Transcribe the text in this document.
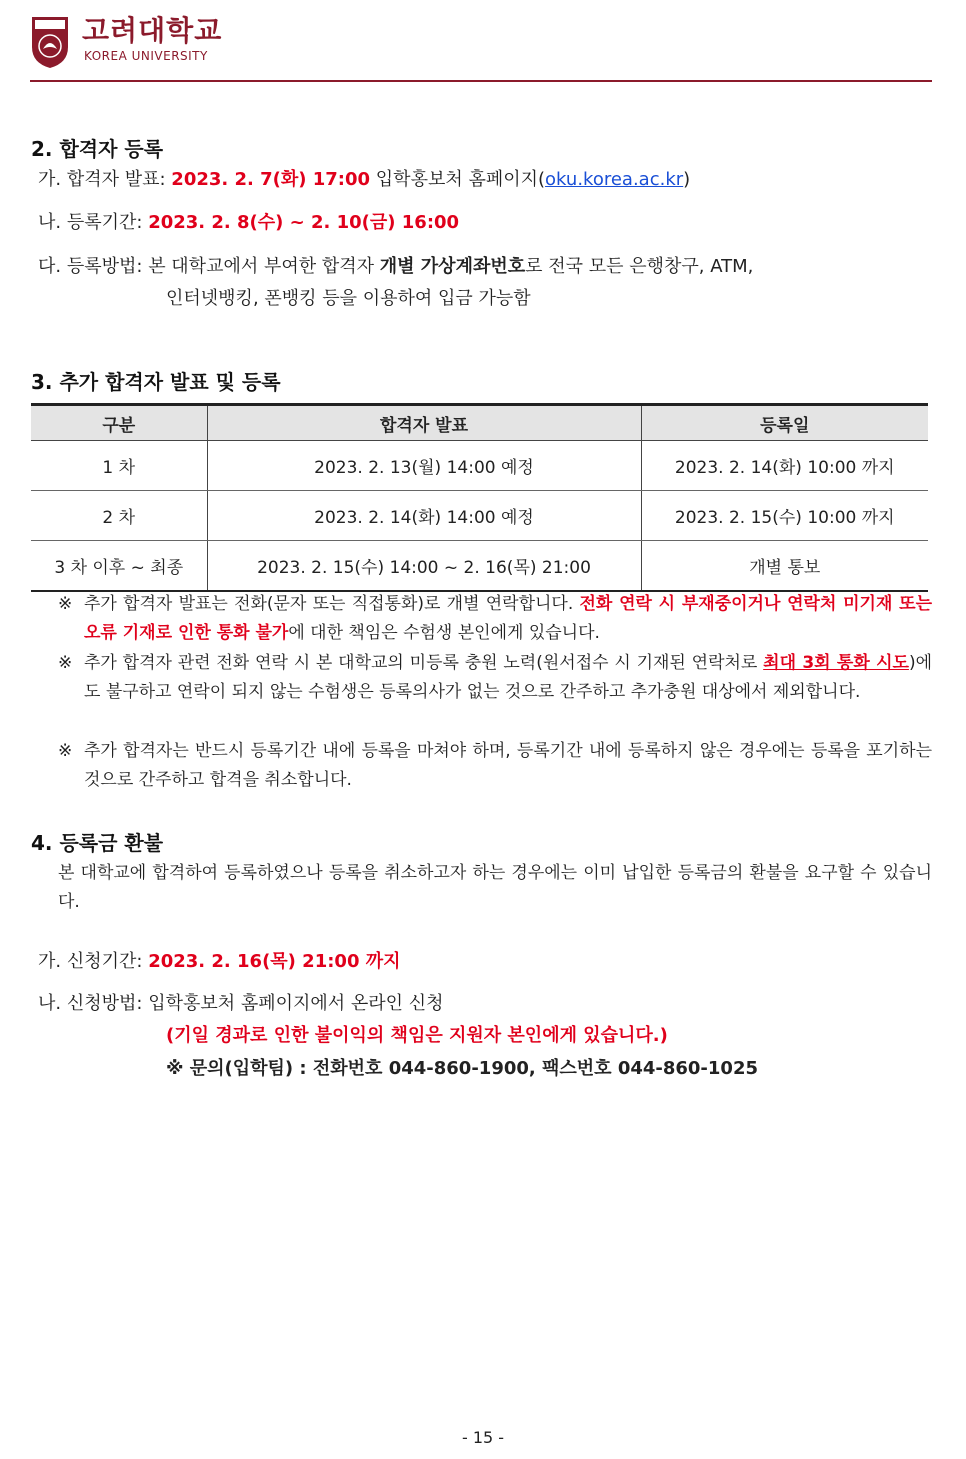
고려대학교
KOREA UNIVERSITY
2. 합격자 등록
가. 합격자 발표: 2023. 2. 7(화) 17:00 입학홍보처 홈페이지(oku.korea.ac.kr)
나. 등록기간: 2023. 2. 8(수) ~ 2. 10(금) 16:00
다. 등록방법: 본 대학교에서 부여한 합격자 개별 가상계좌번호로 전국 모든 은행창구, ATM,
인터넷뱅킹, 폰뱅킹 등을 이용하여 입금 가능함
3. 추가 합격자 발표 및 등록
구분	합격자 발표	등록일
1 차	2023. 2. 13(월) 14:00 예정	2023. 2. 14(화) 10:00 까지
2 차	2023. 2. 14(화) 14:00 예정	2023. 2. 15(수) 10:00 까지
3 차 이후 ~ 최종	2023. 2. 15(수) 14:00 ~ 2. 16(목) 21:00	개별 통보
※ 추가 합격자 발표는 전화(문자 또는 직접통화)로 개별 연락합니다. 전화 연락 시 부재중이거나 연락처 미기재 또는 오류 기재로 인한 통화 불가에 대한 책임은 수험생 본인에게 있습니다.
※ 추가 합격자 관련 전화 연락 시 본 대학교의 미등록 충원 노력(원서접수 시 기재된 연락처로 최대 3회 통화 시도)에도 불구하고 연락이 되지 않는 수험생은 등록의사가 없는 것으로 간주하고 추가충원 대상에서 제외합니다.
※ 추가 합격자는 반드시 등록기간 내에 등록을 마쳐야 하며, 등록기간 내에 등록하지 않은 경우에는 등록을 포기하는 것으로 간주하고 합격을 취소합니다.
4. 등록금 환불
본 대학교에 합격하여 등록하였으나 등록을 취소하고자 하는 경우에는 이미 납입한 등록금의 환불을 요구할 수 있습니다.
가. 신청기간: 2023. 2. 16(목) 21:00 까지
나. 신청방법: 입학홍보처 홈페이지에서 온라인 신청
(기일 경과로 인한 불이익의 책임은 지원자 본인에게 있습니다.)
※ 문의(입학팀) : 전화번호 044-860-1900, 팩스번호 044-860-1025
- 15 -
